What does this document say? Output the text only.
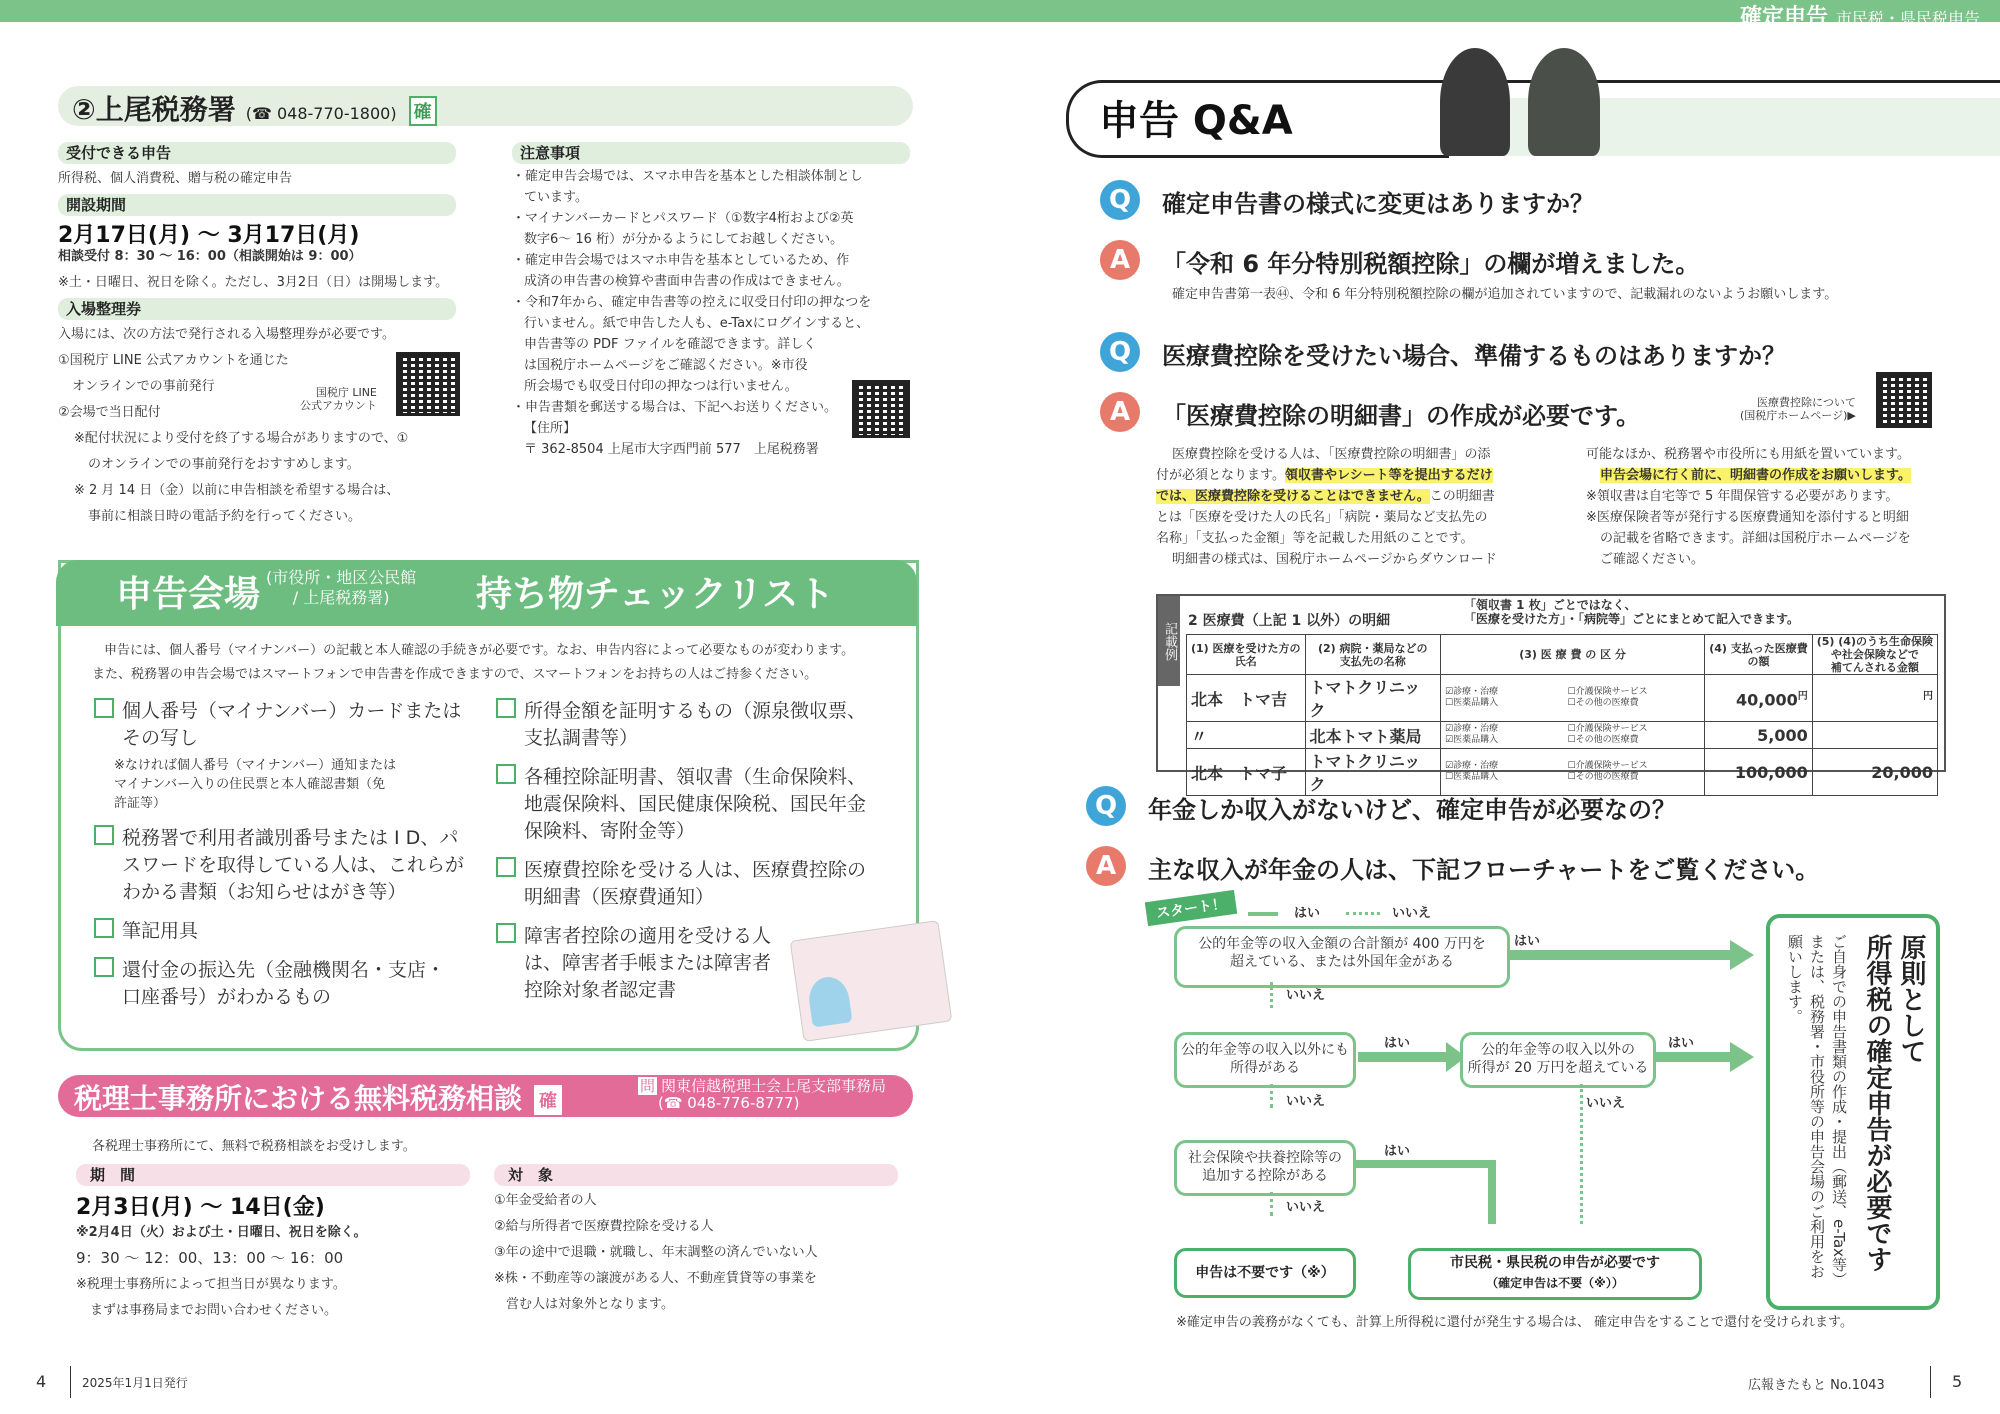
確定申告 市民税・県民税申告
②上尾税務署 (☎ 048-770-1800) 確
受付できる申告
所得税、個人消費税、贈与税の確定申告
開設期間
2月17日(月) ～ 3月17日(月)
相談受付 8：30 ～ 16：00（相談開始は 9：00）
※土・日曜日、祝日を除く。ただし、3月2日（日）は開場します。
入場整理券
入場には、次の方法で発行される入場整理券が必要です。
①国税庁 LINE 公式アカウントを通じた
オンラインでの事前発行
②会場で当日配付
国税庁 LINE
公式アカウント
※配付状況により受付を終了する場合がありますので、①
のオンラインでの事前発行をおすすめします。
※ 2 月 14 日（金）以前に申告相談を希望する場合は、
事前に相談日時の電話予約を行ってください。
注意事項
・確定申告会場では、スマホ申告を基本とした相談体制とし
ています。
・マイナンバーカードとパスワード（①数字4桁および②英
数字6～ 16 桁）が分かるようにしてお越しください。
・確定申告会場ではスマホ申告を基本としているため、作
成済の申告書の検算や書面申告書の作成はできません。
・令和7年から、確定申告書等の控えに収受日付印の押なつを
行いません。紙で申告した人も、e-Taxにログインすると、
申告書等の PDF ファイルを確認できます。詳しく
は国税庁ホームページをご確認ください。※市役
所会場でも収受日付印の押なつは行いません。
・申告書類を郵送する場合は、下記へお送りください。
【住所】
〒 362-8504 上尾市大字西門前 577　上尾税務署
申告会場 (市役所・地区公民館
/ 上尾税務署)	持ち物チェックリスト
申告には、個人番号（マイナンバー）の記載と本人確認の手続きが必要です。なお、申告内容によって必要なものが変わります。
また、税務署の申告会場ではスマートフォンで申告書を作成できますので、スマートフォンをお持ちの人はご持参ください。
個人番号（マイナンバー）カードまたは
その写し
※なければ個人番号（マイナンバー）通知または
マイナンバー入りの住民票と本人確認書類（免
許証等）
税務署で利用者識別番号または I D、パ
スワードを取得している人は、これらが
わかる書類（お知らせはがき等）
筆記用具
還付金の振込先（金融機関名・支店・
口座番号）がわかるもの
所得金額を証明するもの（源泉徴収票、
支払調書等）
各種控除証明書、領収書（生命保険料、
地震保険料、国民健康保険税、国民年金
保険料、寄附金等）
医療費控除を受ける人は、医療費控除の
明細書（医療費通知）
障害者控除の適用を受ける人
は、障害者手帳または障害者
控除対象者認定書
税理士事務所における無料税務相談 確
問 関東信越税理士会上尾支部事務局
(☎ 048-776-8777)
各税理士事務所にて、無料で税務相談をお受けします。
期　間
2月3日(月) ～ 14日(金)
※2月4日（火）および土・日曜日、祝日を除く。
9：30 ～ 12：00、13：00 ～ 16：00
※税理士事務所によって担当日が異なります。
まずは事務局までお問い合わせください。
対　象
①年金受給者の人
②給与所得者で医療費控除を受ける人
③年の途中で退職・就職し、年末調整の済んでいない人
※株・不動産等の譲渡がある人、不動産賃貸等の事業を
営む人は対象外となります。
4	2025年1月1日発行
申告 Q&A
Q	確定申告書の様式に変更はありますか？
A	「令和 6 年分特別税額控除」の欄が増えました。
確定申告書第一表㊹、令和 6 年分特別税額控除の欄が追加されていますので、記載漏れのないようお願いします。
Q	医療費控除を受けたい場合、準備するものはありますか？
A	「医療費控除の明細書」の作成が必要です。	医療費控除について
(国税庁ホームページ)▶
医療費控除を受ける人は、「医療費控除の明細書」の添
付が必須となります。領収書やレシート等を提出するだけ
では、医療費控除を受けることはできません。この明細書
とは「医療を受けた人の氏名」「病院・薬局など支払先の
名称」「支払った金額」等を記載した用紙のことです。
明細書の様式は、国税庁ホームページからダウンロード
可能なほか、税務署や市役所にも用紙を置いています。
申告会場に行く前に、明細書の作成をお願いします。
※領収書は自宅等で 5 年間保管する必要があります。
※医療保険者等が発行する医療費通知を添付すると明細
の記載を省略できます。詳細は国税庁ホームページを
ご確認ください。
記載例
2 医療費（上記 1 以外）の明細
「領収書 1 枚」ごとではなく、
「医療を受けた方」・「病院等」ごとにまとめて記入できます。
(1) 医療を受けた方の
氏名	(2) 病院・薬局などの
支払先の名称	(3) 医 療 費 の 区 分	(4) 支払った医療費
の額	(5) (4)のうち生命保険
や社会保険などで
補てんされる金額
北本　トマ吉	トマトクリニック	☑診療・治療 ☐介護保険サービス☐医薬品購入 ☐その他の医療費	$40,000^円$	$^円$
〃	北本トマト薬局	☑診療・治療 ☐介護保険サービス☑医薬品購入 ☐その他の医療費	5,000	
北本　トマ子	トマトクリニック	☑診療・治療 ☐介護保険サービス☐医薬品購入 ☐その他の医療費	100,000	20,000
Q	年金しか収入がないけど、確定申告が必要なの？
A	主な収入が年金の人は、下記フローチャートをご覧ください。
スタート！	はい	いいえ
公的年金等の収入金額の合計額が 400 万円を
超えている、または外国年金がある
はい
いいえ
公的年金等の収入以外にも
所得がある
はい	公的年金等の収入以外の
所得が 20 万円を超えている
はい
いいえ
いいえ
社会保険や扶養控除等の
追加する控除がある
はい
いいえ
申告は不要です（※）
市民税・県民税の申告が必要です
（確定申告は不要（※））
原則として
所得税の確定申告が必要です
ご自身での申告書類の作成・提出（郵送、e-Tax等）または、税務署・市役所等の申告会場のご利用をお願いします。
※確定申告の義務がなくても、計算上所得税に還付が発生する場合は、 確定申告をすることで還付を受けられます。
広報きたもと No.1043	5
